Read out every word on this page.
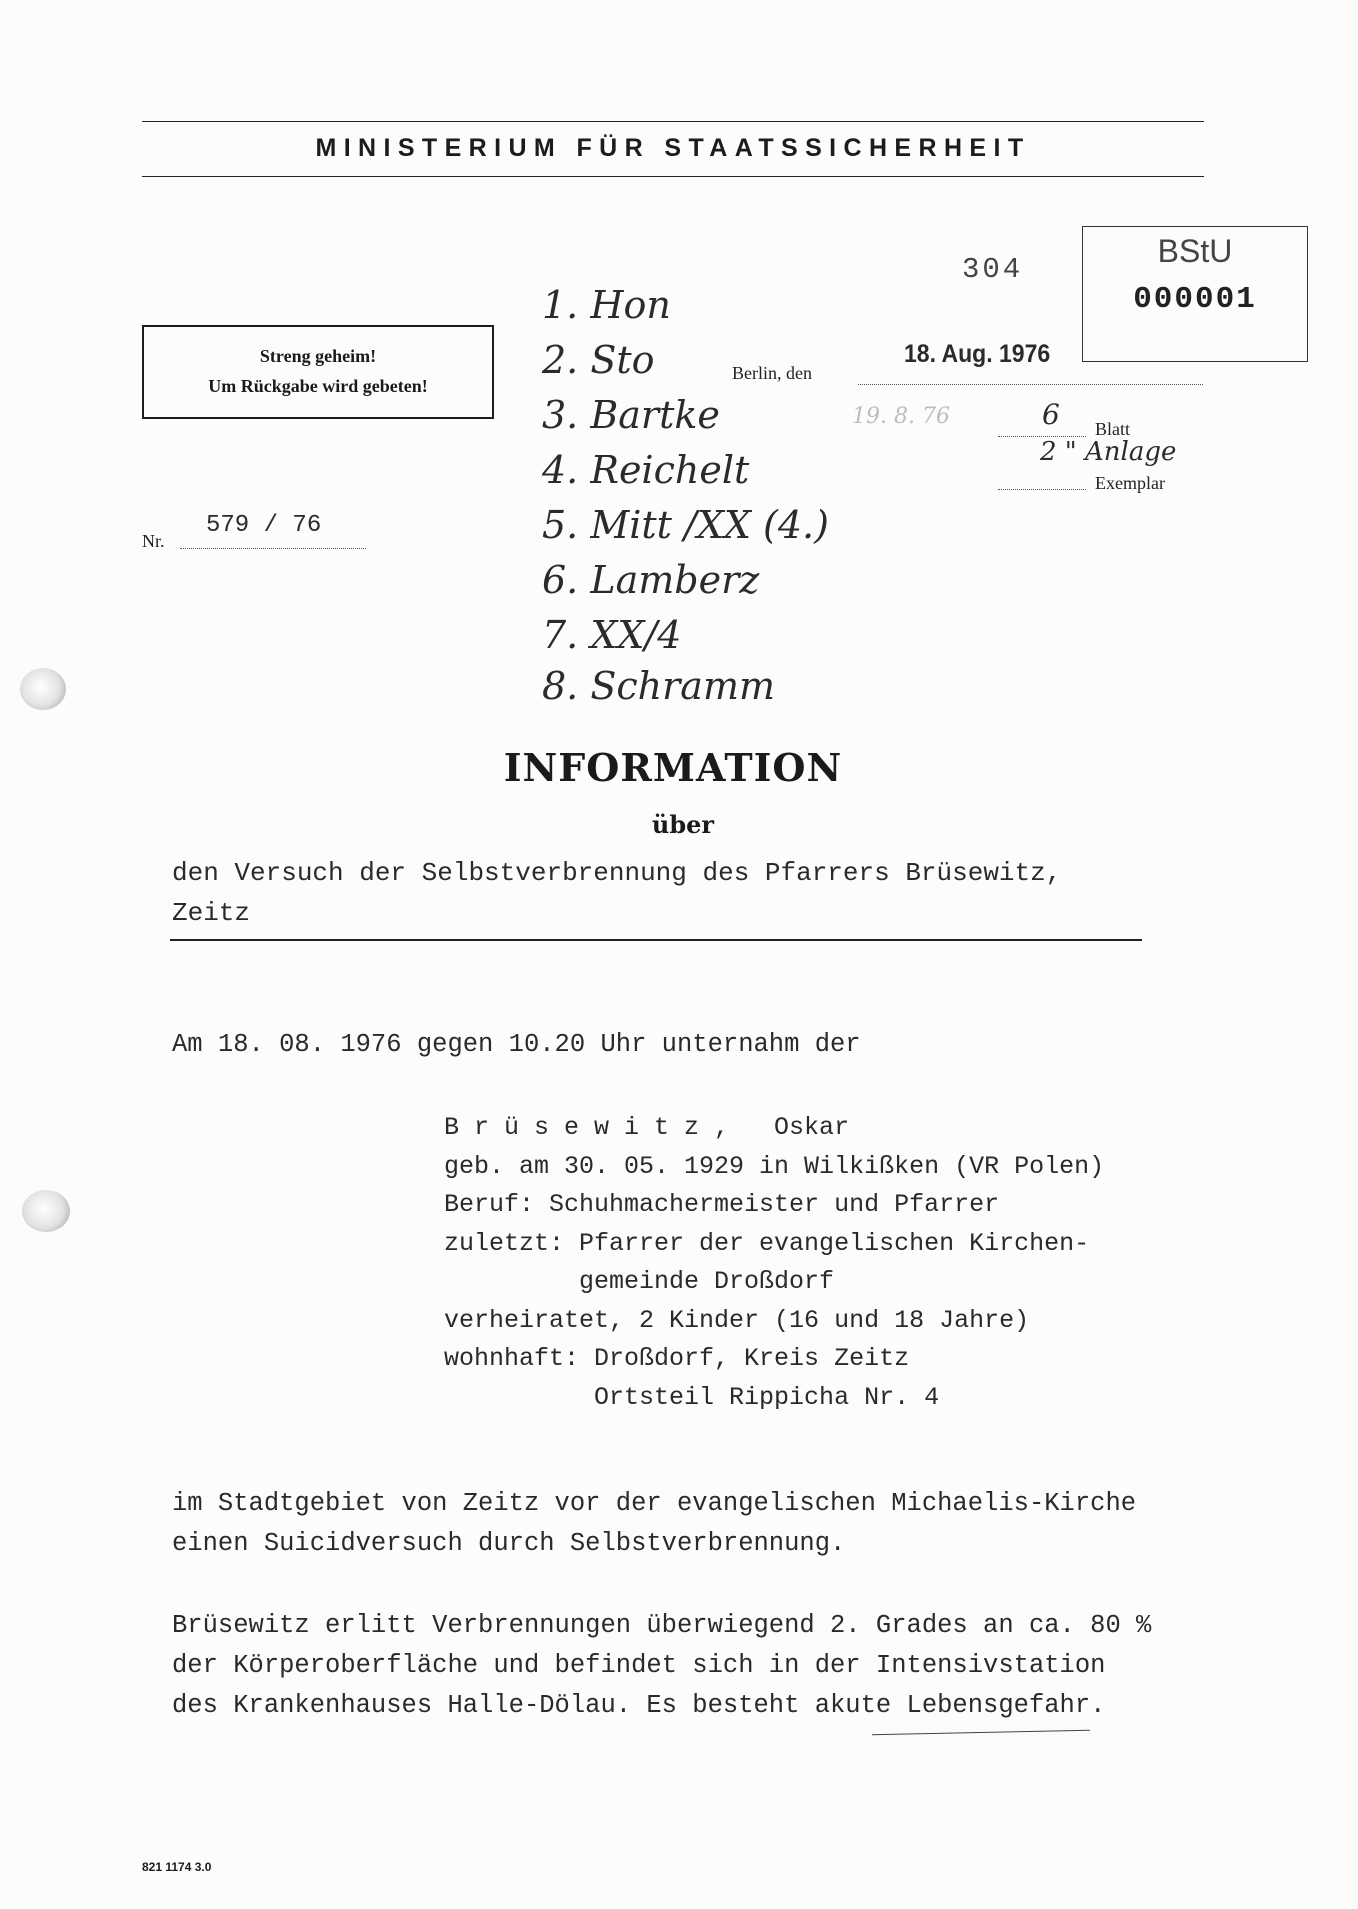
MINISTERIUM FÜR STAATSSICHERHEIT
Streng geheim!
Um Rückgabe wird gebeten!
304
BStU
000001
Berlin, den
18. Aug. 1976
19. 8. 76	6 Blatt
2 " Anlage
Exemplar
Nr.
579 / 76
1. Hon
2. Sto
3. Bartke
4. Reichelt
5. Mitt /XX (4.)
6. Lamberz
7. XX/4
8. Schramm
INFORMATION
über
den Versuch der Selbstverbrennung des Pfarrers Brüsewitz,
Zeitz
Am 18. 08. 1976 gegen 10.20 Uhr unternahm der
B r ü s e w i t z ,   Oskar
geb. am 30. 05. 1929 in Wilkißken (VR Polen)
Beruf: Schuhmachermeister und Pfarrer
zuletzt: Pfarrer der evangelischen Kirchen-
gemeinde Droßdorf
verheiratet, 2 Kinder (16 und 18 Jahre)
wohnhaft: Droßdorf, Kreis Zeitz
Ortsteil Rippicha Nr. 4
im Stadtgebiet von Zeitz vor der evangelischen Michaelis-Kirche
einen Suicidversuch durch Selbstverbrennung.
Brüsewitz erlitt Verbrennungen überwiegend 2. Grades an ca. 80 %
der Körperoberfläche und befindet sich in der Intensivstation
des Krankenhauses Halle-Dölau. Es besteht akute Lebensgefahr.
821 1174 3.0
